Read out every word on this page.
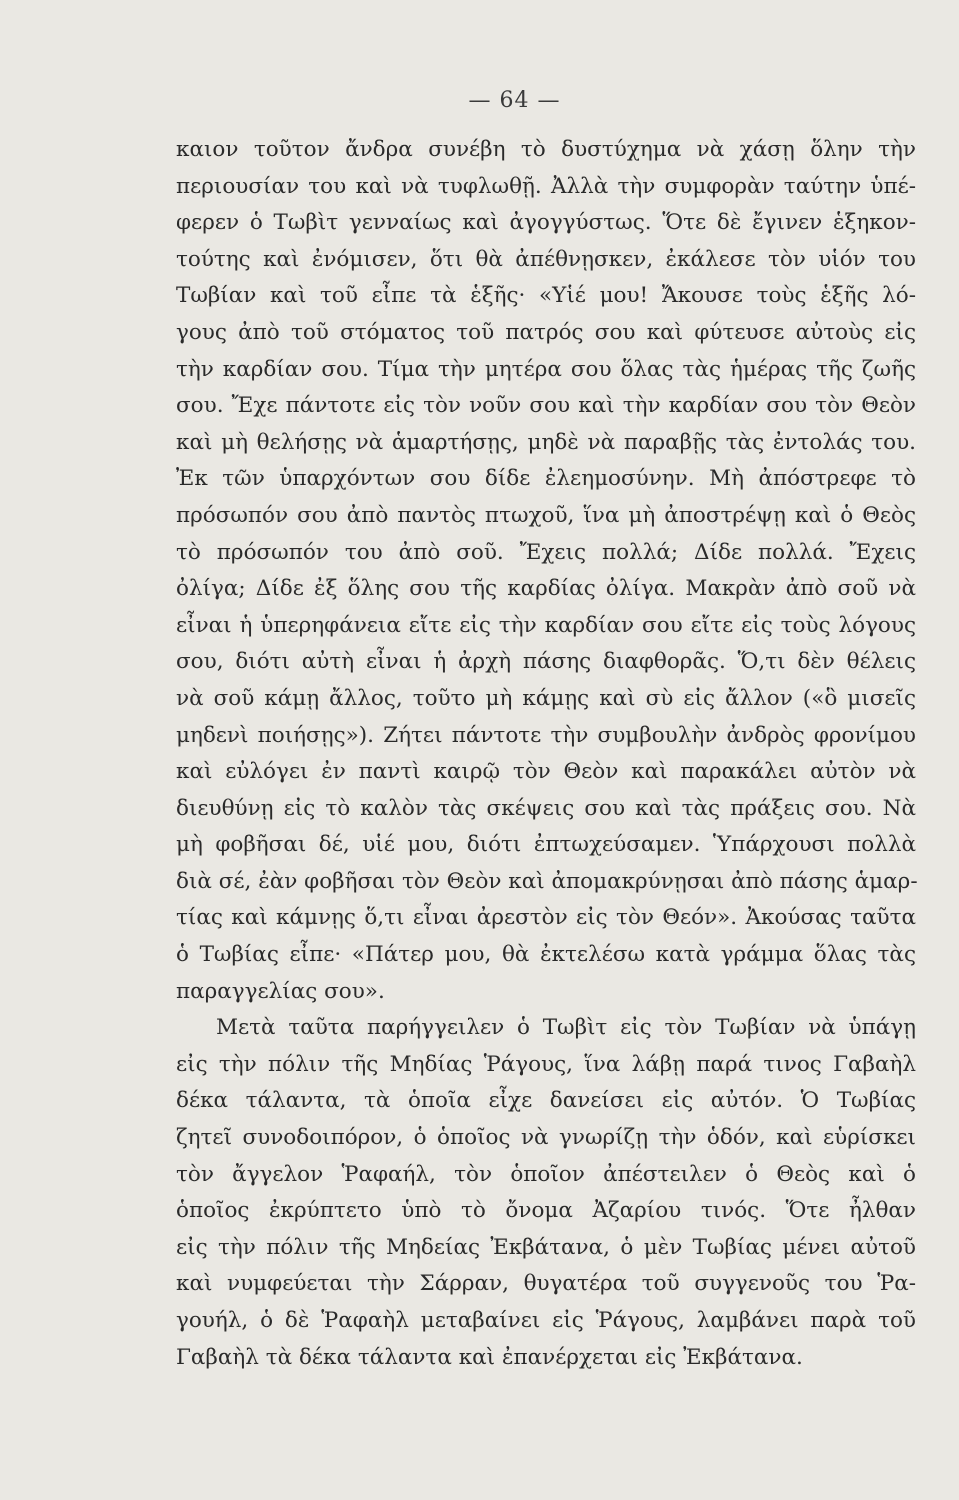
— 64 —

καιον τοῦτον ἄνδρα συνέβη τὸ δυστύχημα νὰ χάσῃ ὅλην τὴν
περιουσίαν του καὶ νὰ τυφλωθῇ. Ἀλλὰ τὴν συμφορὰν ταύτην ὑπέ-
φερεν ὁ Τωβὶτ γενναίως καὶ ἀγογγύστως. Ὅτε δὲ ἔγινεν ἑξηκον-
τούτης καὶ ἐνόμισεν, ὅτι θὰ ἀπέθνῃσκεν, ἐκάλεσε τὸν υἱόν του
Τωβίαν καὶ τοῦ εἶπε τὰ ἑξῆς· «Υἱέ μου! Ἄκουσε τοὺς ἑξῆς λό-
γους ἀπὸ τοῦ στόματος τοῦ πατρός σου καὶ φύτευσε αὐτοὺς εἰς
τὴν καρδίαν σου. Τίμα τὴν μητέρα σου ὅλας τὰς ἡμέρας τῆς ζωῆς
σου. Ἔχε πάντοτε εἰς τὸν νοῦν σου καὶ τὴν καρδίαν σου τὸν Θεὸν
καὶ μὴ θελήσῃς νὰ ἁμαρτήσῃς, μηδὲ νὰ παραβῇς τὰς ἐντολάς του.
Ἐκ τῶν ὑπαρχόντων σου δίδε ἐλεημοσύνην. Μὴ ἀπόστρεφε τὸ
πρόσωπόν σου ἀπὸ παντὸς πτωχοῦ, ἵνα μὴ ἀποστρέψῃ καὶ ὁ Θεὸς
τὸ πρόσωπόν του ἀπὸ σοῦ. Ἔχεις πολλά; Δίδε πολλά. Ἔχεις
ὀλίγα; Δίδε ἐξ ὅλης σου τῆς καρδίας ὀλίγα. Μακρὰν ἀπὸ σοῦ νὰ
εἶναι ἡ ὑπερηφάνεια εἴτε εἰς τὴν καρδίαν σου εἴτε εἰς τοὺς λόγους
σου, διότι αὐτὴ εἶναι ἡ ἀρχὴ πάσης διαφθορᾶς. Ὅ,τι δὲν θέλεις
νὰ σοῦ κάμῃ ἄλλος, τοῦτο μὴ κάμῃς καὶ σὺ εἰς ἄλλον («ὃ μισεῖς
μηδενὶ ποιήσῃς»). Ζήτει πάντοτε τὴν συμβουλὴν ἀνδρὸς φρονίμου
καὶ εὐλόγει ἐν παντὶ καιρῷ τὸν Θεὸν καὶ παρακάλει αὐτὸν νὰ
διευθύνῃ εἰς τὸ καλὸν τὰς σκέψεις σου καὶ τὰς πράξεις σου. Νὰ
μὴ φοβῆσαι δέ, υἱέ μου, διότι ἐπτωχεύσαμεν. Ὑπάρχουσι πολλὰ
διὰ σέ, ἐὰν φοβῆσαι τὸν Θεὸν καὶ ἀπομακρύνῃσαι ἀπὸ πάσης ἁμαρ-
τίας καὶ κάμνῃς ὅ,τι εἶναι ἀρεστὸν εἰς τὸν Θεόν». Ἀκούσας ταῦτα
ὁ Τωβίας εἶπε· «Πάτερ μου, θὰ ἐκτελέσω κατὰ γράμμα ὅλας τὰς
παραγγελίας σου».

Μετὰ ταῦτα παρήγγειλεν ὁ Τωβὶτ εἰς τὸν Τωβίαν νὰ ὑπάγῃ
εἰς τὴν πόλιν τῆς Μηδίας Ῥάγους, ἵνα λάβῃ παρά τινος Γαβαὴλ
δέκα τάλαντα, τὰ ὁποῖα εἶχε δανείσει εἰς αὐτόν. Ὁ Τωβίας
ζητεῖ συνοδοιπόρον, ὁ ὁποῖος νὰ γνωρίζῃ τὴν ὁδόν, καὶ εὑρίσκει
τὸν ἄγγελον Ῥαφαήλ, τὸν ὁποῖον ἀπέστειλεν ὁ Θεὸς καὶ ὁ
ὁποῖος ἐκρύπτετο ὑπὸ τὸ ὄνομα Ἀζαρίου τινός. Ὅτε ἦλθαν
εἰς τὴν πόλιν τῆς Μηδείας Ἐκβάτανα, ὁ μὲν Τωβίας μένει αὐτοῦ
καὶ νυμφεύεται τὴν Σάρραν, θυγατέρα τοῦ συγγενοῦς του Ῥα-
γουήλ, ὁ δὲ Ῥαφαὴλ μεταβαίνει εἰς Ῥάγους, λαμβάνει παρὰ τοῦ
Γαβαὴλ τὰ δέκα τάλαντα καὶ ἐπανέρχεται εἰς Ἐκβάτανα.
